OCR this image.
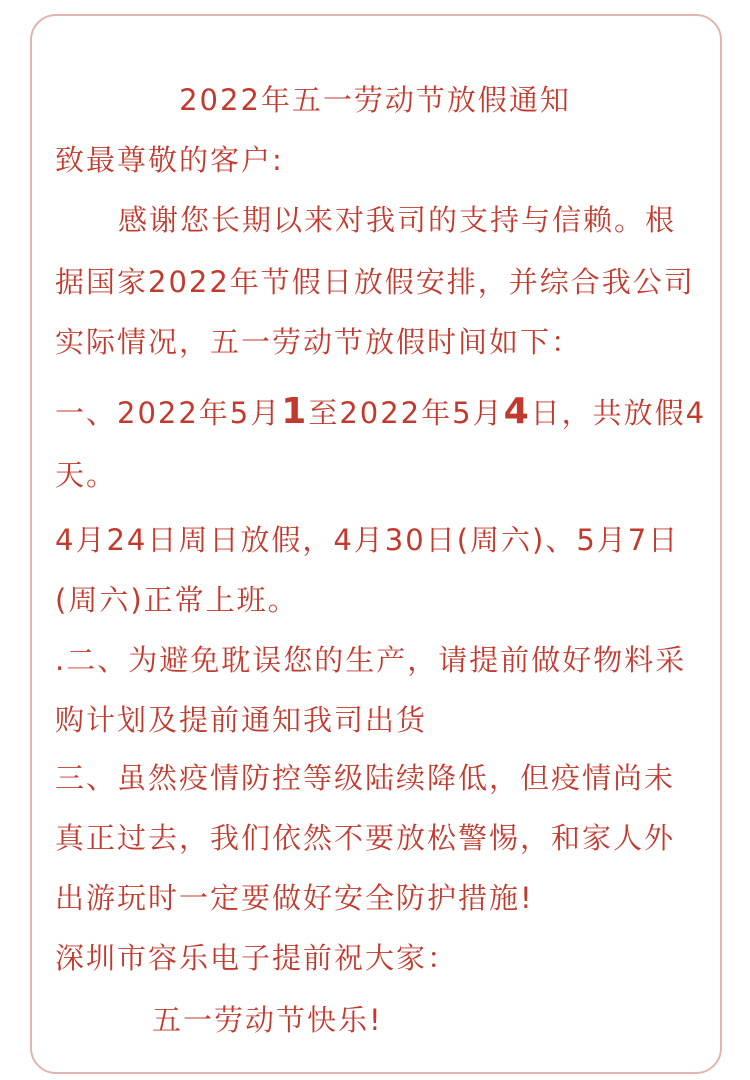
2022年五一劳动节放假通知
致最尊敬的客户:
感谢您长期以来对我司的支持与信赖。根
据国家2022年节假日放假安排，并综合我公司
实际情况，五一劳动节放假时间如下：
一、2022年5月1至2022年5月4日，共放假4
天。
4月24日周日放假，4月30日(周六)、5月7日
(周六)正常上班。
.二、为避免耽误您的生产，请提前做好物料采
购计划及提前通知我司出货
三、虽然疫情防控等级陆续降低，但疫情尚未
真正过去，我们依然不要放松警惕，和家人外
出游玩时一定要做好安全防护措施!
深圳市容乐电子提前祝大家：
五一劳动节快乐!
